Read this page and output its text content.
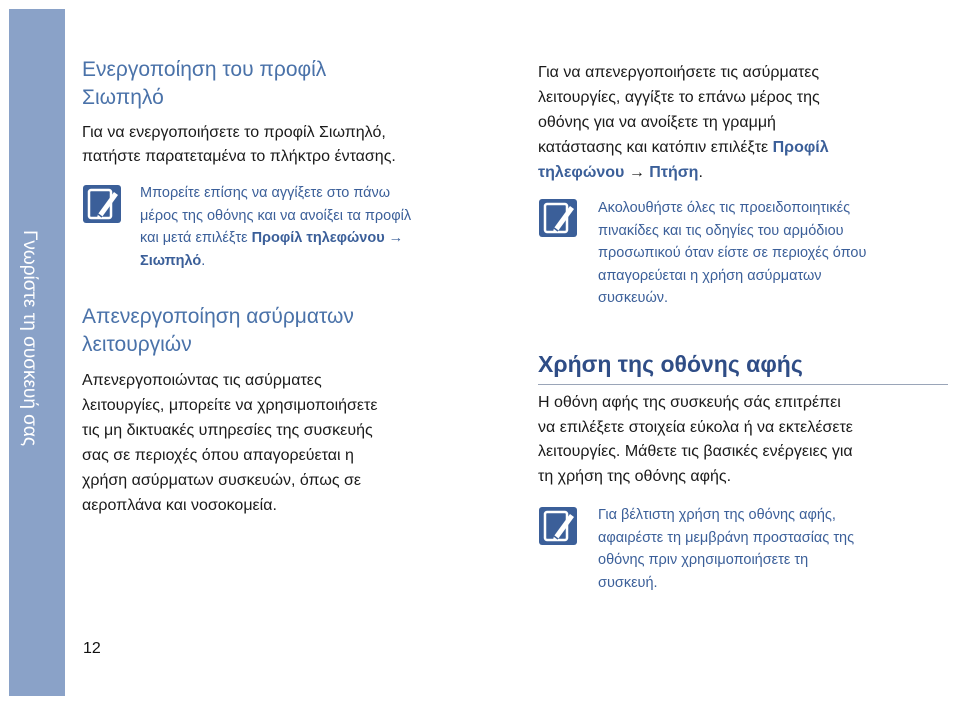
Γνωρίστε τη συσκευή σας
12
Ενεργοποίηση του προφίλ
Σιωπηλό

Για να ενεργοποιήσετε το προφίλ Σιωπηλό,
πατήστε παρατεταμένα το πλήκτρο έντασης.

Μπορείτε επίσης να αγγίξετε στο πάνω
μέρος της οθόνης και να ανοίξει τα προφίλ
και μετά επιλέξτε Προφίλ τηλεφώνου →
Σιωπηλό.

Απενεργοποίηση ασύρματων
λειτουργιών

Απενεργοποιώντας τις ασύρματες
λειτουργίες, μπορείτε να χρησιμοποιήσετε
τις μη δικτυακές υπηρεσίες της συσκευής
σας σε περιοχές όπου απαγορεύεται η
χρήση ασύρματων συσκευών, όπως σε
αεροπλάνα και νοσοκομεία.

Για να απενεργοποιήσετε τις ασύρματες
λειτουργίες, αγγίξτε το επάνω μέρος της
οθόνης για να ανοίξετε τη γραμμή
κατάστασης και κατόπιν επιλέξτε Προφίλ
τηλεφώνου → Πτήση.

Ακολουθήστε όλες τις προειδοποιητικές
πινακίδες και τις οδηγίες του αρμόδιου
προσωπικού όταν είστε σε περιοχές όπου
απαγορεύεται η χρήση ασύρματων
συσκευών.

Χρήση της οθόνης αφής

Η οθόνη αφής της συσκευής σάς επιτρέπει
να επιλέξετε στοιχεία εύκολα ή να εκτελέσετε
λειτουργίες. Μάθετε τις βασικές ενέργειες για
τη χρήση της οθόνης αφής.

Για βέλτιστη χρήση της οθόνης αφής,
αφαιρέστε τη μεμβράνη προστασίας της
οθόνης πριν χρησιμοποιήσετε τη
συσκευή.
